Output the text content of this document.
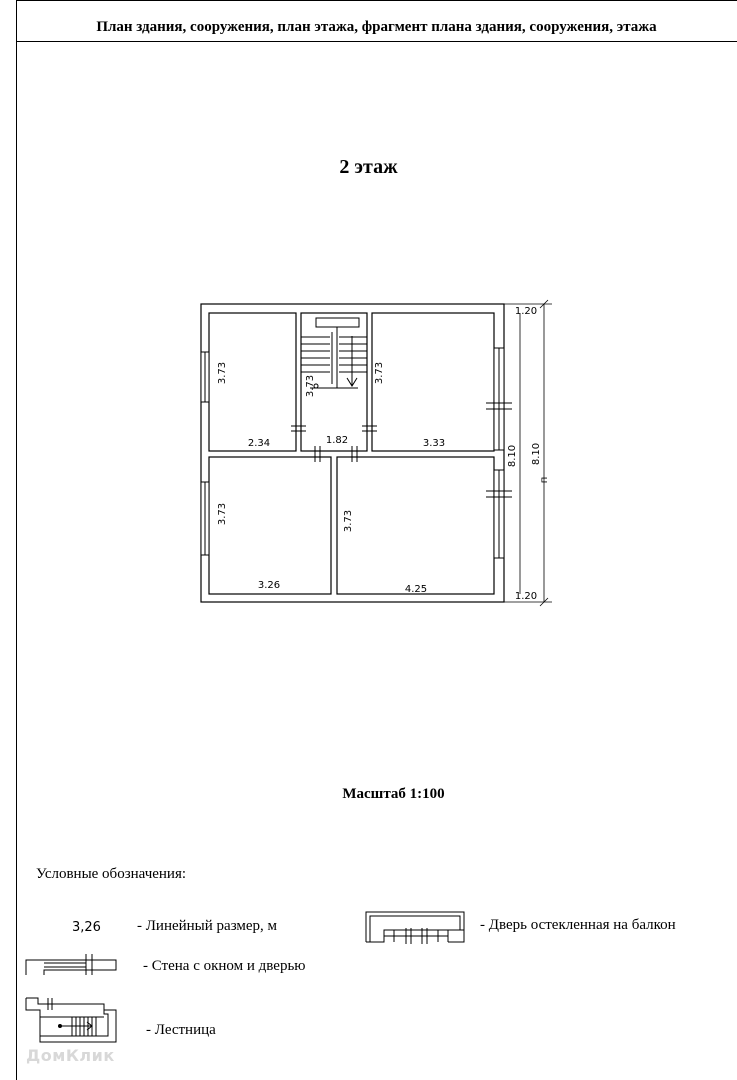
План здания, сооружения, план этажа, фрагмент плана здания, сооружения, этажа
2 этаж
3.73
2.34
3.73
1.82
3.73
3.33
3.73
3.26
3.73
4.25
8.10 8.10
п
1.20
1.20
Масштаб 1:100
Условные обозначения:
3,26 - Линейный размер, м
- Стена с окном и дверью
- Лестница
- Дверь остекленная на балкон
ДомКлик
